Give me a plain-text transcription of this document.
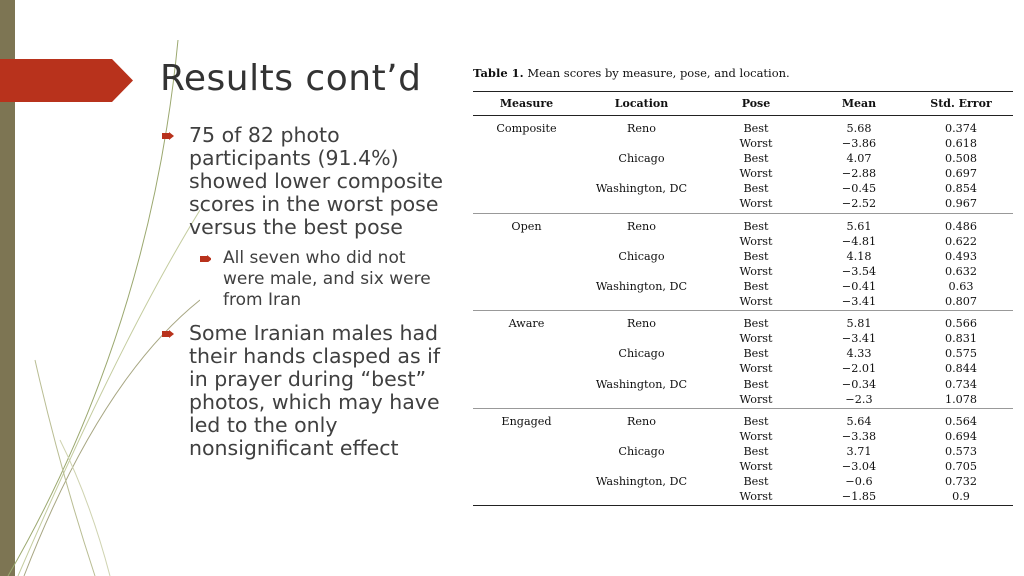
Results cont’d
75 of 82 photo participants (91.4%) showed lower composite scores in the worst pose versus the best pose
All seven who did not were male, and six were from Iran
Some Iranian males had their hands clasped as if in prayer during “best” photos, which may have led to the only nonsignificant effect

Table 1. Mean scores by measure, pose, and location.

Measure	Location	Pose	Mean	Std. Error
Composite	Reno	Best	5.68	0.374
		Worst	−3.86	0.618
	Chicago	Best	4.07	0.508
		Worst	−2.88	0.697
	Washington, DC	Best	−0.45	0.854
		Worst	−2.52	0.967
Open	Reno	Best	5.61	0.486
		Worst	−4.81	0.622
	Chicago	Best	4.18	0.493
		Worst	−3.54	0.632
	Washington, DC	Best	−0.41	0.63
		Worst	−3.41	0.807
Aware	Reno	Best	5.81	0.566
		Worst	−3.41	0.831
	Chicago	Best	4.33	0.575
		Worst	−2.01	0.844
	Washington, DC	Best	−0.34	0.734
		Worst	−2.3	1.078
Engaged	Reno	Best	5.64	0.564
		Worst	−3.38	0.694
	Chicago	Best	3.71	0.573
		Worst	−3.04	0.705
	Washington, DC	Best	−0.6	0.732
		Worst	−1.85	0.9
